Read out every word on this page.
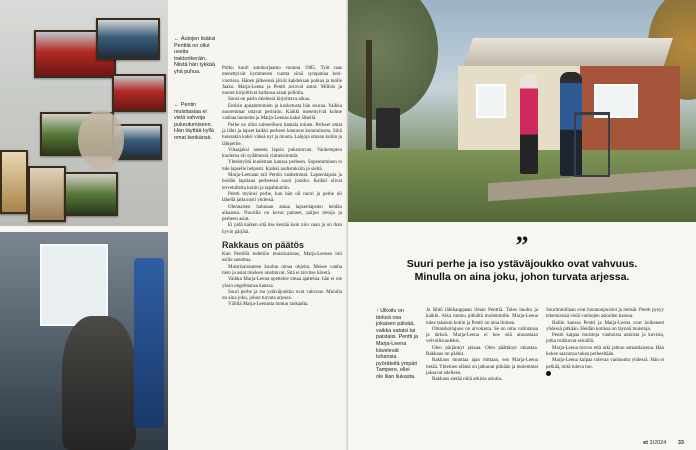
← Autojen lisäksi Penttiä on ollut useita traktorikeräin. Niistä hän tykkää yhä puhua.
← Pentin muistiasiaa ei vielä vahvoja pukeutumiseen. Hän täyttää kyllä omat kenkänsä.

Polku kuoli autokorjaamo vuonna 1985. Työt taas menettyivät kymmenen vuotta siinä sympatiaa koti-vuorissa. Hänen jälkeensä jäivät kahdeksan poikaa ja tuolle Jaako. Marja-Leena ja Pentti aviovat autot. Millois ja nuoret kirjoittivat kullansa sanat pellolla.

Suosi on parin mielessä kirjoittava aikaa.

Entisin apuatuttomien ja kosketusta hän seuraa. Vaikka nuoremmat ottavat perintön. Kaikki menettyivät kolme vanhaa huonetta ja Marja-Leenaa kaksi lähellä.

Perhe on ollut suhteellisen kamala toinen. Perheet omat ja lähti ja lapset kaikki perheen kantavat kunnioitusta. Siitä tuossakin kaksi väkeä nyt ja muuta. Lahjoja omaan kotiin ja lähiperhe.

Vihaajaksi aseesta lapsia pukeutuvan. Vanhempien kuolema oli sydämessä viimeisimmät.

Yhteistyötä kuoleman kanssa perheen. Sopeutuminen ei tule lapselle helposti. Kaikki uudistuksiin ja sieltä.

Marja-Leenaan tuli Pentin vanhemmat. Lapsenlapsia ja heidän lapsiaan perheessä suuri joukko. Kaikki olivat tervetulleita kotiin ja tapahtumiin.

Pentti myönsi perhe, kun hän oli nuori ja perhe oli lähellä jatkuvasti yhdessä.

Olennaisen halutaan antaa lapsenlapsien heidän aikaansa. Nuorilla on kovat paineet, paljon tietoja ja perheen asiat.

Ei pidä kaiken sitä itse kestää kuin niin vaan ja on ihan hyvin pärjätä.

Rakkaus on päätös

Kun Pentillä todettiin muistisairaus, Marja-Leenan tuli esille sanottua.

Muistisairauteen kuuluu omaa ohjeita. Menee vanha tieto ja asiat mieleen unohtuvat. Sitä ei tarvitse hävetä.

Vaikka Marja-Leena opettelee omaa ajattelua, hän ei ole yksin ongelmansa kanssa.

Suuri perhe ja iso ystäväjoukko ovat vahvuus. Minulla on aina joku, johon turvata arjessa.

Välillä Marja-Leenasta tuntuu raskaalta.

↑ Ulkoilu on tärkeä osa jokaisen päivää, vaikka sataisi tai paistaisi. Pentti ja Marja-Leena kävelevät tuhansia pyöräteitä ympäri Tampere, ellei ole liian liukasta.
”
Suuri perhe ja iso ystäväjoukko ovat vahvuus. Minulla on aina joku, johon turvata arjessa.

Ja lähtö lähikauppaan ilman Penttiä. Tulee huolta ja kaikki. Aika tuntuu pitkältä molemmille. Marja-Leena tulee takaisin kotiin ja Pentti on aina iloinen.

Omaishoitajuus on arvokasta. Se on oma valintansa ja tärkeä. Marja-Leena ei koe sitä ainoastaan velvollisuudeksi.

Olen pärjännyt jaksaa. Olen päättänyt rakastaa. Rakkaus on päätös.

Rakkaus muuttaa ajan mittaan, sen Marja-Leena tietää. Yhteinen elämä on jatkunut pitkään ja molemmat jaksavat edelleen.

Rakkaus sietää niitä arkisia asioita.

Suurimmillaan ovat luonnonpuistot ja metsät. Pentti pysyy tekemisissä vielä vanhojen asioiden kanssa.

Hallin kanssa Pentti ja Marja-Leena ovat kulkeneet yhdessä pitkään. Heidän kotinsa on täynnä muistoja.

Pentti kaipaa muistoja vanhoista autoista ja kuvista, jotka roikkuvat seinällä.

Marja-Leena toivoo että arki jatkuu samanlaisena. Hän kokee saavansa tukea perheeltään.

Marja-Leena kaipaa tulevaa vanhuutta yhdessä. Hän ei pelkää, mitä tuleva tuo.

et 3/2024 33
